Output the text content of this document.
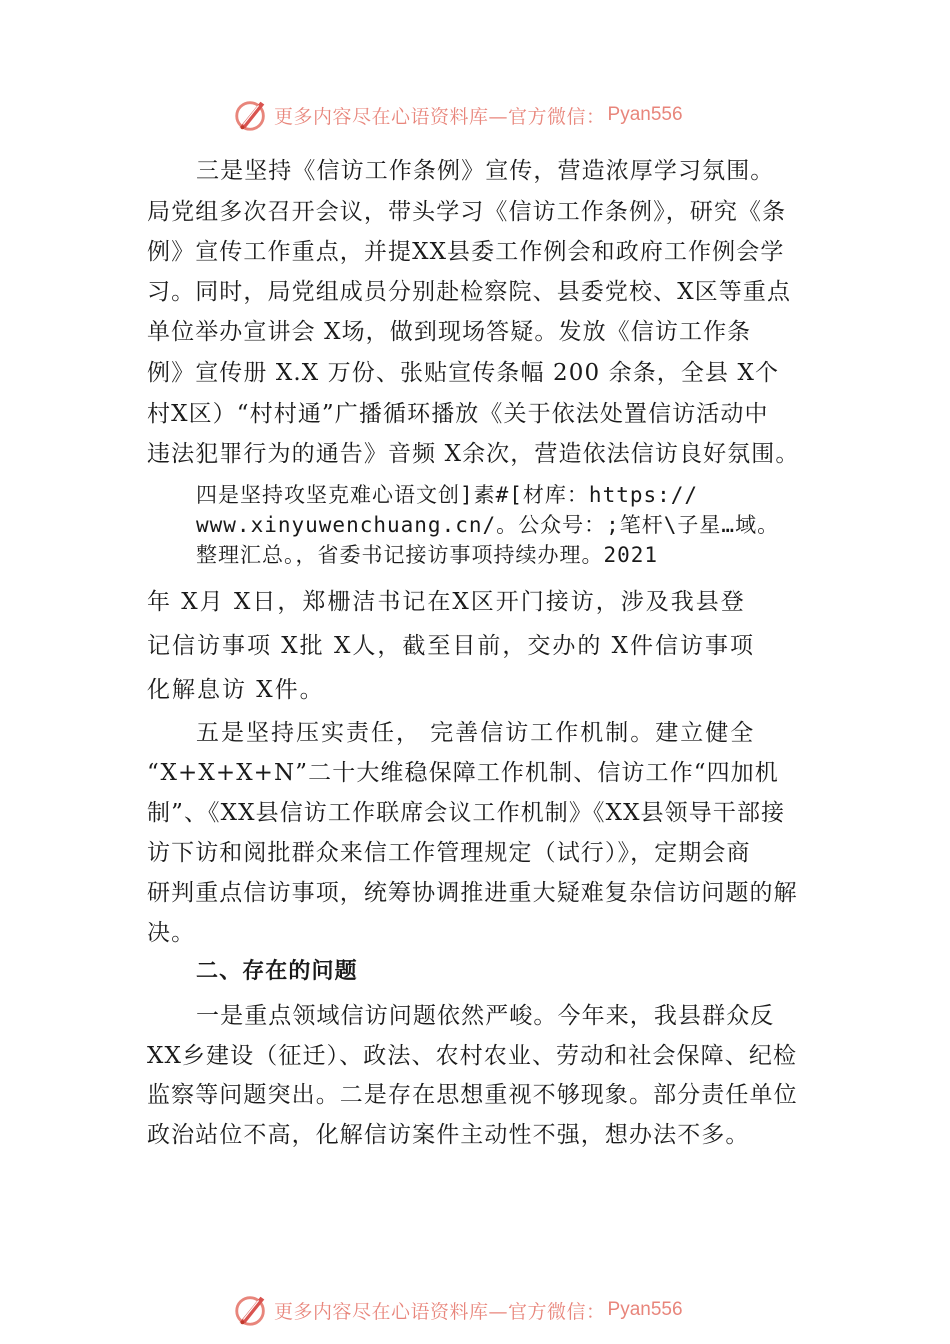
更多内容尽在心语资料库—官方微信： Pyan556
三是坚持《信访工作条例》宣传，营造浓厚学习氛围。
局党组多次召开会议，带头学习《信访工作条例》，研究《条
例》宣传工作重点，并提XX县委工作例会和政府工作例会学
习。同时，局党组成员分别赴检察院、县委党校、X区等重点
单位举办宣讲会 X场，做到现场答疑。发放《信访工作条
例》宣传册 X.X 万份、张贴宣传条幅 200 余条，全县 X个
村X区）“村村通”广播循环播放《关于依法处置信访活动中
违法犯罪行为的通告》音频 X余次，营造依法信访良好氛围。
四是坚持攻坚克难心语文创]素#[材库：https://
www.xinyuwenchuang.cn/。公众号：;笔杆\子星…域。
整理汇总。，省委书记接访事项持续办理。2021
年 X月 X日，郑栅洁书记在X区开门接访，涉及我县登
记信访事项 X批 X人，截至目前，交办的 X件信访事项
化解息访 X件。
五是坚持压实责任， 完善信访工作机制。建立健全
“X+X+X+N”二十大维稳保障工作机制、信访工作“四加机
制”、《XX县信访工作联席会议工作机制》《XX县领导干部接
访下访和阅批群众来信工作管理规定（试行）》，定期会商
研判重点信访事项，统筹协调推进重大疑难复杂信访问题的解
决。
二、存在的问题
一是重点领域信访问题依然严峻。今年来，我县群众反
XX乡建设（征迁）、政法、农村农业、劳动和社会保障、纪检
监察等问题突出。二是存在思想重视不够现象。部分责任单位
政治站位不高，化解信访案件主动性不强，想办法不多。
更多内容尽在心语资料库—官方微信： Pyan556
